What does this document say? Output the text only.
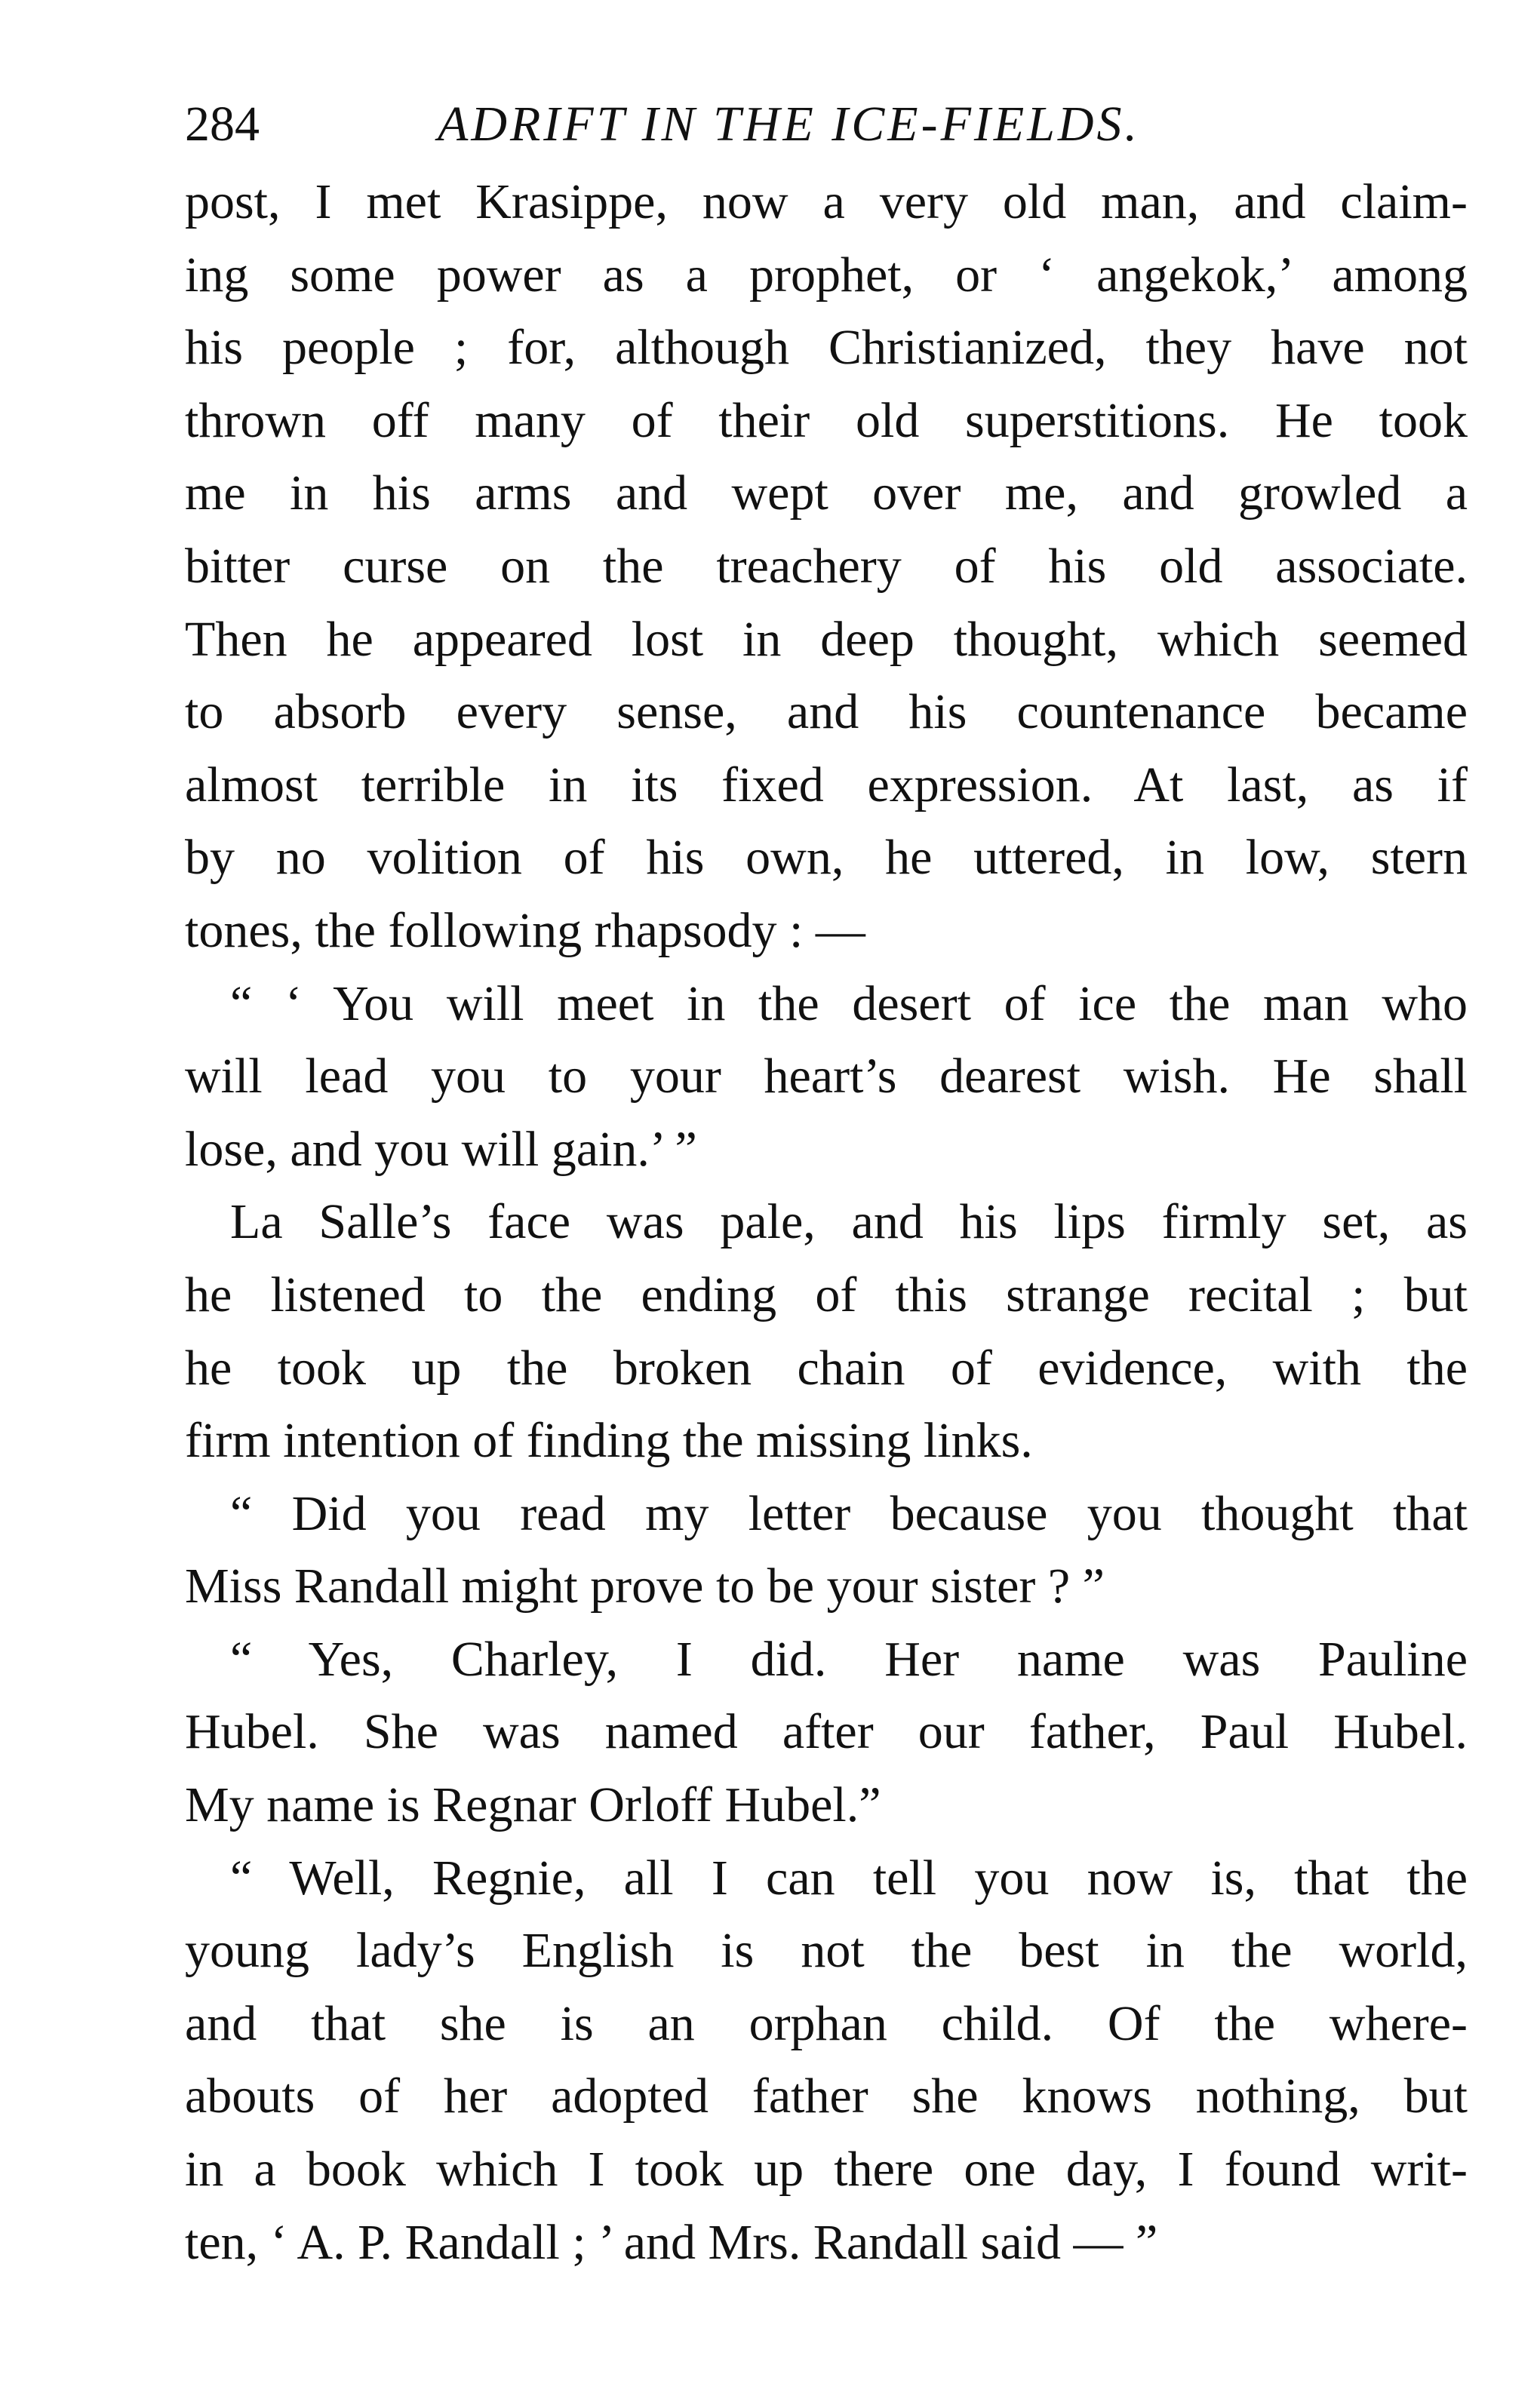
284	ADRIFT IN THE ICE-FIELDS.
post, I met Krasippe, now a very old man, and claim-
ing some power as a prophet, or ‘ angekok,’ among
his people ; for, although Christianized, they have not
thrown off many of their old superstitions. He took
me in his arms and wept over me, and growled a
bitter curse on the treachery of his old associate.
Then he appeared lost in deep thought, which seemed
to absorb every sense, and his countenance became
almost terrible in its fixed expression. At last, as if
by no volition of his own, he uttered, in low, stern
tones, the following rhapsody : —
“ ‘ You will meet in the desert of ice the man who
will lead you to your heart’s dearest wish. He shall
lose, and you will gain.’ ”
La Salle’s face was pale, and his lips firmly set, as
he listened to the ending of this strange recital ; but
he took up the broken chain of evidence, with the
firm intention of finding the missing links.
“ Did you read my letter because you thought that
Miss Randall might prove to be your sister ? ”
“ Yes, Charley, I did. Her name was Pauline
Hubel. She was named after our father, Paul Hubel.
My name is Regnar Orloff Hubel.”
“ Well, Regnie, all I can tell you now is, that the
young lady’s English is not the best in the world,
and that she is an orphan child. Of the where-
abouts of her adopted father she knows nothing, but
in a book which I took up there one day, I found writ-
ten, ‘ A. P. Randall ; ’ and Mrs. Randall said — ”
